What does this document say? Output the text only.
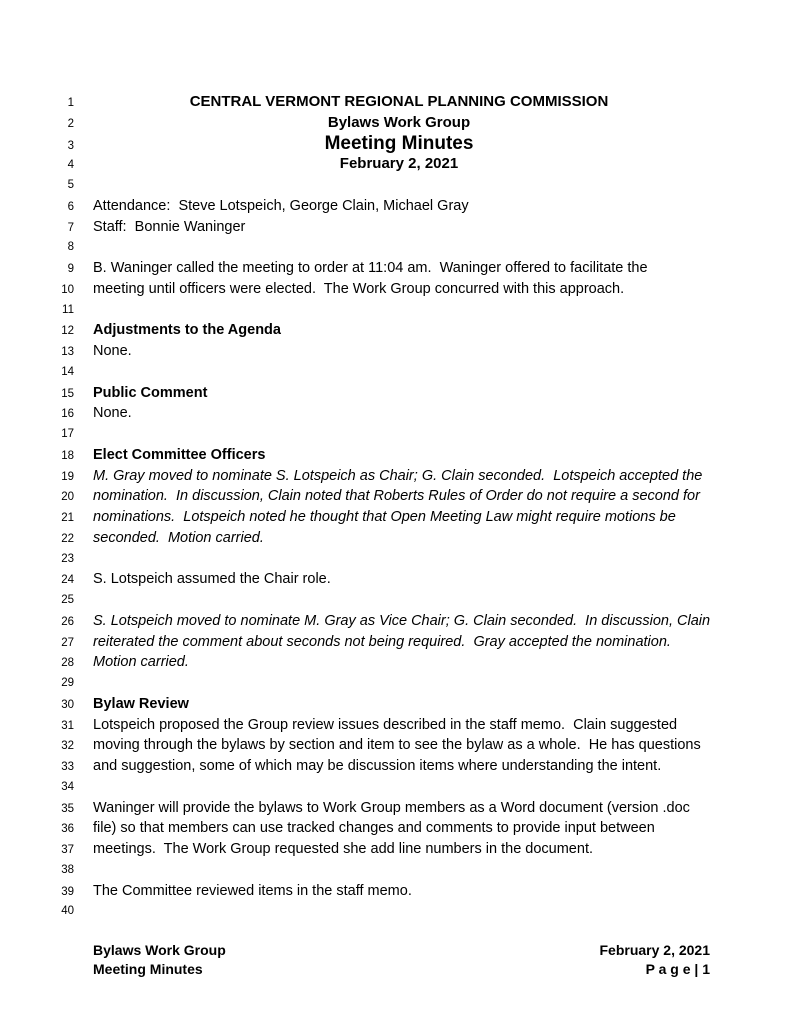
1	CENTRAL VERMONT REGIONAL PLANNING COMMISSION
2	Bylaws Work Group
3	Meeting Minutes
4	February 2, 2021
5
6 Attendance:  Steve Lotspeich, George Clain, Michael Gray
7 Staff:  Bonnie Waninger
8
9 B. Waninger called the meeting to order at 11:04 am.  Waninger offered to facilitate the
10 meeting until officers were elected.  The Work Group concurred with this approach.
11
12 Adjustments to the Agenda
13 None.
14
15 Public Comment
16 None.
17
18 Elect Committee Officers
19 M. Gray moved to nominate S. Lotspeich as Chair; G. Clain seconded.  Lotspeich accepted the
20 nomination.  In discussion, Clain noted that Roberts Rules of Order do not require a second for
21 nominations.  Lotspeich noted he thought that Open Meeting Law might require motions be
22 seconded.  Motion carried.
23
24 S. Lotspeich assumed the Chair role.
25
26 S. Lotspeich moved to nominate M. Gray as Vice Chair; G. Clain seconded.  In discussion, Clain
27 reiterated the comment about seconds not being required.  Gray accepted the nomination.
28 Motion carried.
29
30 Bylaw Review
31 Lotspeich proposed the Group review issues described in the staff memo.  Clain suggested
32 moving through the bylaws by section and item to see the bylaw as a whole.  He has questions
33 and suggestion, some of which may be discussion items where understanding the intent.
34
35 Waninger will provide the bylaws to Work Group members as a Word document (version .doc
36 file) so that members can use tracked changes and comments to provide input between
37 meetings.  The Work Group requested she add line numbers in the document.
38
39 The Committee reviewed items in the staff memo.
40
Bylaws Work Group
Meeting Minutes
February 2, 2021
P a g e | 1
